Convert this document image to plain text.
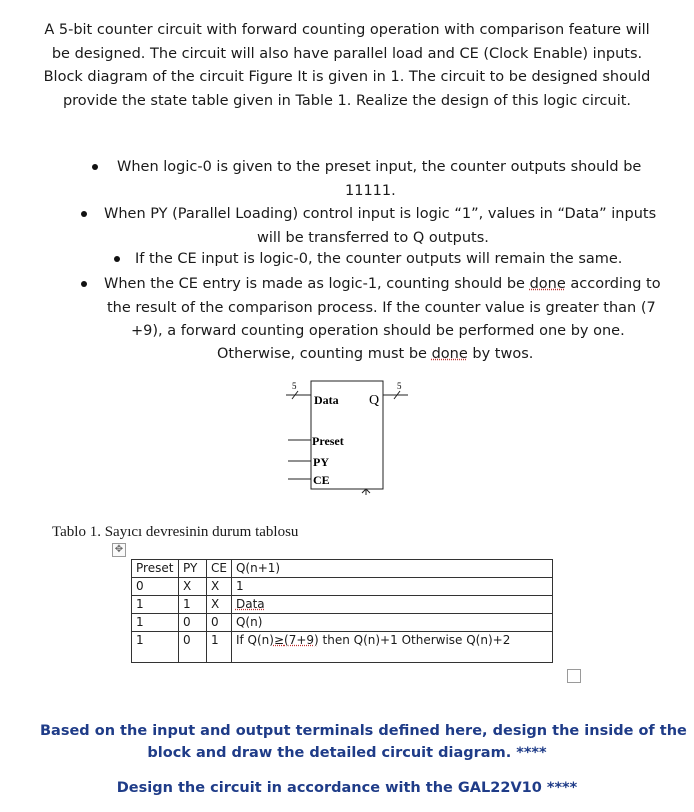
A 5-bit counter circuit with forward counting operation with comparison feature will
be designed. The circuit will also have parallel load and CE (Clock Enable) inputs.
Block diagram of the circuit Figure It is given in 1. The circuit to be designed should
provide the state table given in Table 1. Realize the design of this logic circuit.
When logic-0 is given to the preset input, the counter outputs should be
11111.
When PY (Parallel Loading) control input is logic “1”, values in “Data” inputs
will be transferred to Q outputs.
If the CE input is logic-0, the counter outputs will remain the same.
When the CE entry is made as logic-1, counting should be done according to
the result of the comparison process. If the counter value is greater than (7
+9), a forward counting operation should be performed one by one.
Otherwise, counting must be done by twos.
5
Data Q
5
Preset
PY
CE
Tablo 1. Sayıcı devresinin durum tablosu
✥
Preset	PY	CE	Q(n+1)
0	X	X	1
1	1	X	Data
1	0	0	Q(n)
1	0	1	If Q(n)≥(7+9) then Q(n)+1 Otherwise Q(n)+2
Based on the input and output terminals defined here, design the inside of the
block and draw the detailed circuit diagram. ****
Design the circuit in accordance with the GAL22V10 ****
